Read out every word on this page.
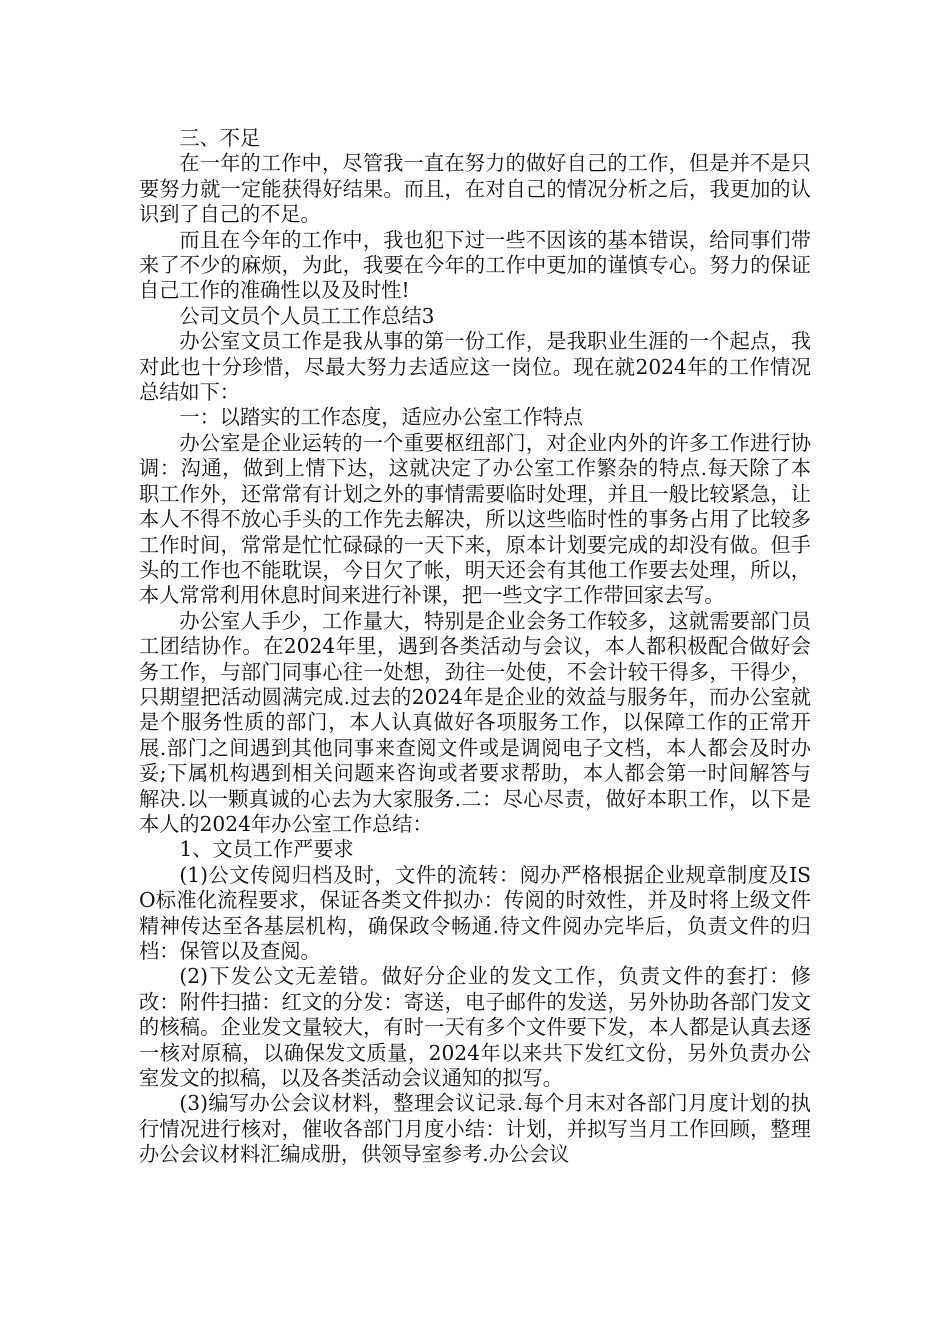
三、不足

在一年的工作中，尽管我一直在努力的做好自己的工作，但是并不是只要努力就一定能获得好结果。而且，在对自己的情况分析之后，我更加的认识到了自己的不足。

而且在今年的工作中，我也犯下过一些不因该的基本错误，给同事们带来了不少的麻烦，为此，我要在今年的工作中更加的谨慎专心。努力的保证自己工作的准确性以及及时性!

公司文员个人员工工作总结3

办公室文员工作是我从事的第一份工作，是我职业生涯的一个起点，我对此也十分珍惜，尽最大努力去适应这一岗位。现在就2024年的工作情况总结如下：

一：以踏实的工作态度，适应办公室工作特点

办公室是企业运转的一个重要枢纽部门，对企业内外的许多工作进行协调：沟通，做到上情下达，这就决定了办公室工作繁杂的特点.每天除了本职工作外，还常常有计划之外的事情需要临时处理，并且一般比较紧急，让本人不得不放心手头的工作先去解决，所以这些临时性的事务占用了比较多工作时间，常常是忙忙碌碌的一天下来，原本计划要完成的却没有做。但手头的工作也不能耽误，今日欠了帐，明天还会有其他工作要去处理，所以，本人常常利用休息时间来进行补课，把一些文字工作带回家去写。

办公室人手少，工作量大，特别是企业会务工作较多，这就需要部门员工团结协作。在2024年里，遇到各类活动与会议，本人都积极配合做好会务工作，与部门同事心往一处想，劲往一处使，不会计较干得多，干得少，只期望把活动圆满完成.过去的2024年是企业的效益与服务年，而办公室就是个服务性质的部门，本人认真做好各项服务工作，以保障工作的正常开展.部门之间遇到其他同事来查阅文件或是调阅电子文档，本人都会及时办妥;下属机构遇到相关问题来咨询或者要求帮助，本人都会第一时间解答与解决.以一颗真诚的心去为大家服务.二：尽心尽责，做好本职工作，以下是本人的2024年办公室工作总结：

1、文员工作严要求

(1)公文传阅归档及时，文件的流转：阅办严格根据企业规章制度及ISO标准化流程要求，保证各类文件拟办：传阅的时效性，并及时将上级文件精神传达至各基层机构，确保政令畅通.待文件阅办完毕后，负责文件的归档：保管以及查阅。

(2)下发公文无差错。做好分企业的发文工作，负责文件的套打：修改：附件扫描：红文的分发：寄送，电子邮件的发送，另外协助各部门发文的核稿。企业发文量较大，有时一天有多个文件要下发，本人都是认真去逐一核对原稿，以确保发文质量，2024年以来共下发红文份，另外负责办公室发文的拟稿，以及各类活动会议通知的拟写。

(3)编写办公会议材料，整理会议记录.每个月末对各部门月度计划的执行情况进行核对，催收各部门月度小结：计划，并拟写当月工作回顾，整理办公会议材料汇编成册，供领导室参考.办公会议
